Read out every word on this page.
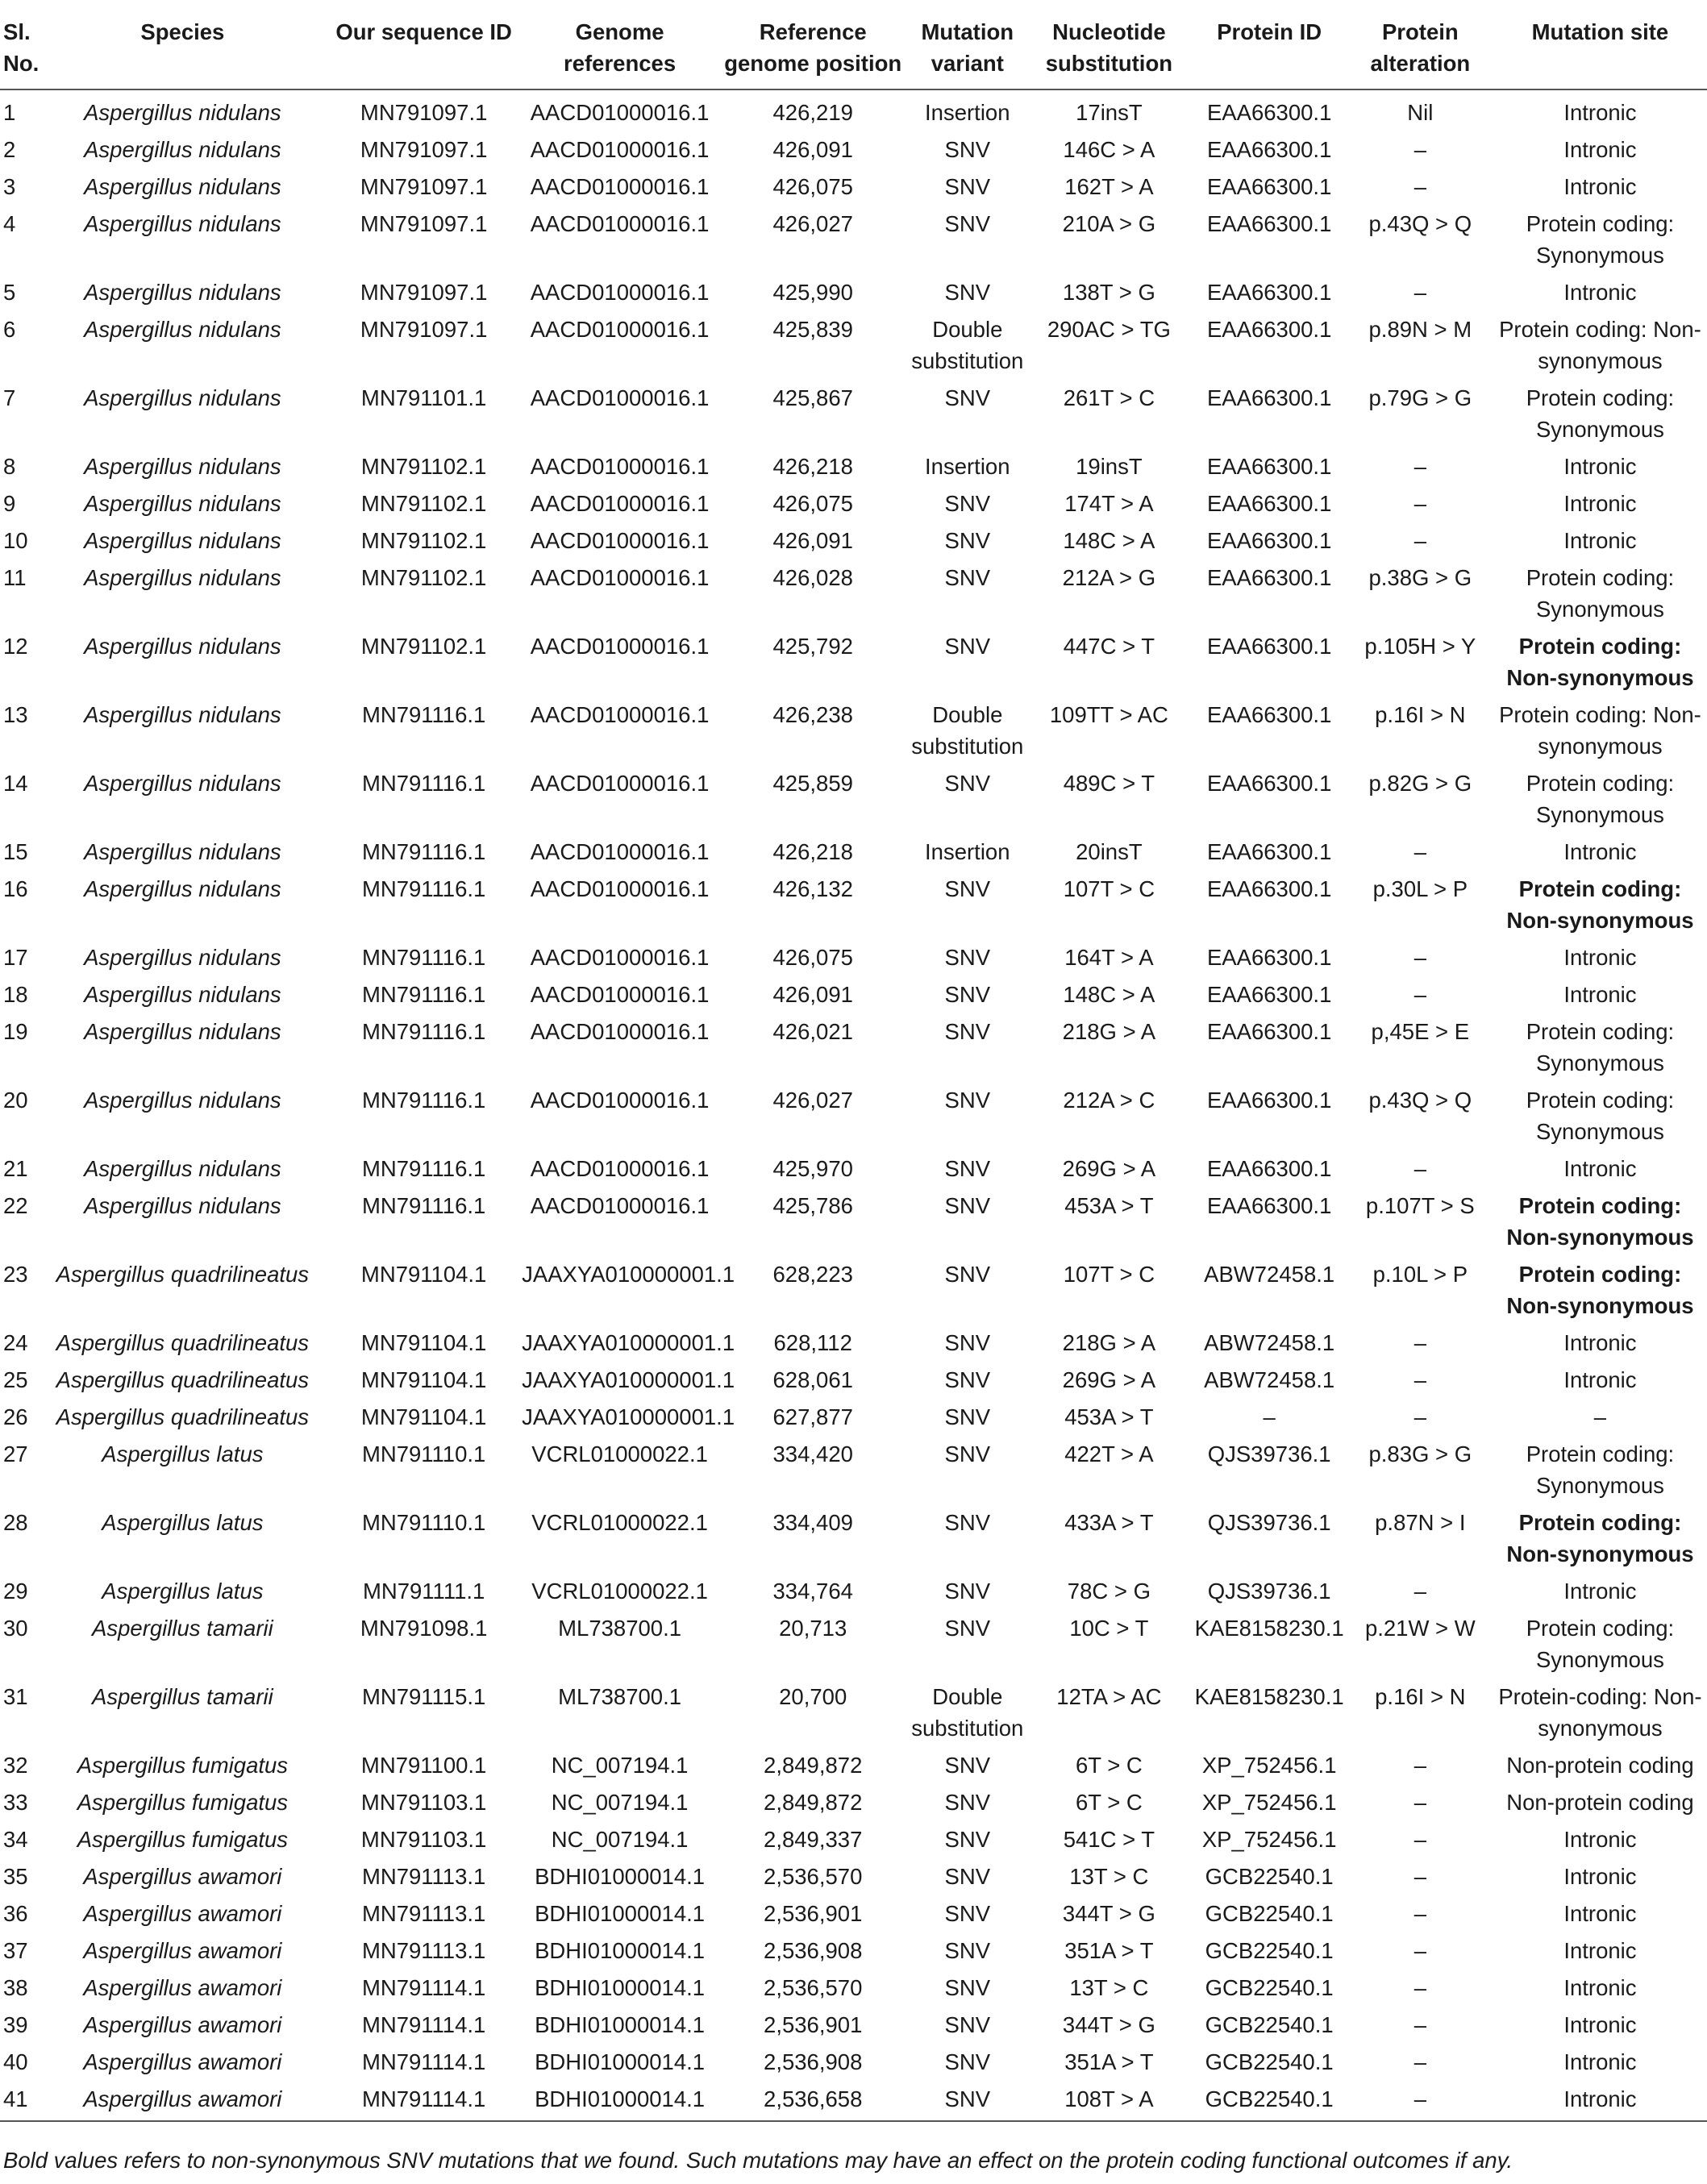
Sl. No.	Species	Our sequence ID	Genome references	Reference genome position	Mutation variant	Nucleotide substitution	Protein ID	Protein alteration	Mutation site
1	Aspergillus nidulans	MN791097.1	AACD01000016.1	426,219	Insertion	17insT	EAA66300.1	Nil	Intronic
2	Aspergillus nidulans	MN791097.1	AACD01000016.1	426,091	SNV	146C > A	EAA66300.1	–	Intronic
3	Aspergillus nidulans	MN791097.1	AACD01000016.1	426,075	SNV	162T > A	EAA66300.1	–	Intronic
4	Aspergillus nidulans	MN791097.1	AACD01000016.1	426,027	SNV	210A > G	EAA66300.1	p.43Q > Q	Protein coding: Synonymous
5	Aspergillus nidulans	MN791097.1	AACD01000016.1	425,990	SNV	138T > G	EAA66300.1	–	Intronic
6	Aspergillus nidulans	MN791097.1	AACD01000016.1	425,839	Double substitution	290AC > TG	EAA66300.1	p.89N > M	Protein coding: Non-synonymous
7	Aspergillus nidulans	MN791101.1	AACD01000016.1	425,867	SNV	261T > C	EAA66300.1	p.79G > G	Protein coding: Synonymous
8	Aspergillus nidulans	MN791102.1	AACD01000016.1	426,218	Insertion	19insT	EAA66300.1	–	Intronic
9	Aspergillus nidulans	MN791102.1	AACD01000016.1	426,075	SNV	174T > A	EAA66300.1	–	Intronic
10	Aspergillus nidulans	MN791102.1	AACD01000016.1	426,091	SNV	148C > A	EAA66300.1	–	Intronic
11	Aspergillus nidulans	MN791102.1	AACD01000016.1	426,028	SNV	212A > G	EAA66300.1	p.38G > G	Protein coding: Synonymous
12	Aspergillus nidulans	MN791102.1	AACD01000016.1	425,792	SNV	447C > T	EAA66300.1	p.105H > Y	Protein coding: Non-synonymous
13	Aspergillus nidulans	MN791116.1	AACD01000016.1	426,238	Double substitution	109TT > AC	EAA66300.1	p.16I > N	Protein coding: Non-synonymous
14	Aspergillus nidulans	MN791116.1	AACD01000016.1	425,859	SNV	489C > T	EAA66300.1	p.82G > G	Protein coding: Synonymous
15	Aspergillus nidulans	MN791116.1	AACD01000016.1	426,218	Insertion	20insT	EAA66300.1	–	Intronic
16	Aspergillus nidulans	MN791116.1	AACD01000016.1	426,132	SNV	107T > C	EAA66300.1	p.30L > P	Protein coding: Non-synonymous
17	Aspergillus nidulans	MN791116.1	AACD01000016.1	426,075	SNV	164T > A	EAA66300.1	–	Intronic
18	Aspergillus nidulans	MN791116.1	AACD01000016.1	426,091	SNV	148C > A	EAA66300.1	–	Intronic
19	Aspergillus nidulans	MN791116.1	AACD01000016.1	426,021	SNV	218G > A	EAA66300.1	p,45E > E	Protein coding: Synonymous
20	Aspergillus nidulans	MN791116.1	AACD01000016.1	426,027	SNV	212A > C	EAA66300.1	p.43Q > Q	Protein coding: Synonymous
21	Aspergillus nidulans	MN791116.1	AACD01000016.1	425,970	SNV	269G > A	EAA66300.1	–	Intronic
22	Aspergillus nidulans	MN791116.1	AACD01000016.1	425,786	SNV	453A > T	EAA66300.1	p.107T > S	Protein coding: Non-synonymous
23	Aspergillus quadrilineatus	MN791104.1	JAAXYA010000001.1	628,223	SNV	107T > C	ABW72458.1	p.10L > P	Protein coding: Non-synonymous
24	Aspergillus quadrilineatus	MN791104.1	JAAXYA010000001.1	628,112	SNV	218G > A	ABW72458.1	–	Intronic
25	Aspergillus quadrilineatus	MN791104.1	JAAXYA010000001.1	628,061	SNV	269G > A	ABW72458.1	–	Intronic
26	Aspergillus quadrilineatus	MN791104.1	JAAXYA010000001.1	627,877	SNV	453A > T	–	–	–
27	Aspergillus latus	MN791110.1	VCRL01000022.1	334,420	SNV	422T > A	QJS39736.1	p.83G > G	Protein coding: Synonymous
28	Aspergillus latus	MN791110.1	VCRL01000022.1	334,409	SNV	433A > T	QJS39736.1	p.87N > I	Protein coding: Non-synonymous
29	Aspergillus latus	MN791111.1	VCRL01000022.1	334,764	SNV	78C > G	QJS39736.1	–	Intronic
30	Aspergillus tamarii	MN791098.1	ML738700.1	20,713	SNV	10C > T	KAE8158230.1	p.21W > W	Protein coding: Synonymous
31	Aspergillus tamarii	MN791115.1	ML738700.1	20,700	Double substitution	12TA > AC	KAE8158230.1	p.16I > N	Protein-coding: Non-synonymous
32	Aspergillus fumigatus	MN791100.1	NC_007194.1	2,849,872	SNV	6T > C	XP_752456.1	–	Non-protein coding
33	Aspergillus fumigatus	MN791103.1	NC_007194.1	2,849,872	SNV	6T > C	XP_752456.1	–	Non-protein coding
34	Aspergillus fumigatus	MN791103.1	NC_007194.1	2,849,337	SNV	541C > T	XP_752456.1	–	Intronic
35	Aspergillus awamori	MN791113.1	BDHI01000014.1	2,536,570	SNV	13T > C	GCB22540.1	–	Intronic
36	Aspergillus awamori	MN791113.1	BDHI01000014.1	2,536,901	SNV	344T > G	GCB22540.1	–	Intronic
37	Aspergillus awamori	MN791113.1	BDHI01000014.1	2,536,908	SNV	351A > T	GCB22540.1	–	Intronic
38	Aspergillus awamori	MN791114.1	BDHI01000014.1	2,536,570	SNV	13T > C	GCB22540.1	–	Intronic
39	Aspergillus awamori	MN791114.1	BDHI01000014.1	2,536,901	SNV	344T > G	GCB22540.1	–	Intronic
40	Aspergillus awamori	MN791114.1	BDHI01000014.1	2,536,908	SNV	351A > T	GCB22540.1	–	Intronic
41	Aspergillus awamori	MN791114.1	BDHI01000014.1	2,536,658	SNV	108T > A	GCB22540.1	–	Intronic
Bold values refers to non-synonymous SNV mutations that we found. Such mutations may have an effect on the protein coding functional outcomes if any.
